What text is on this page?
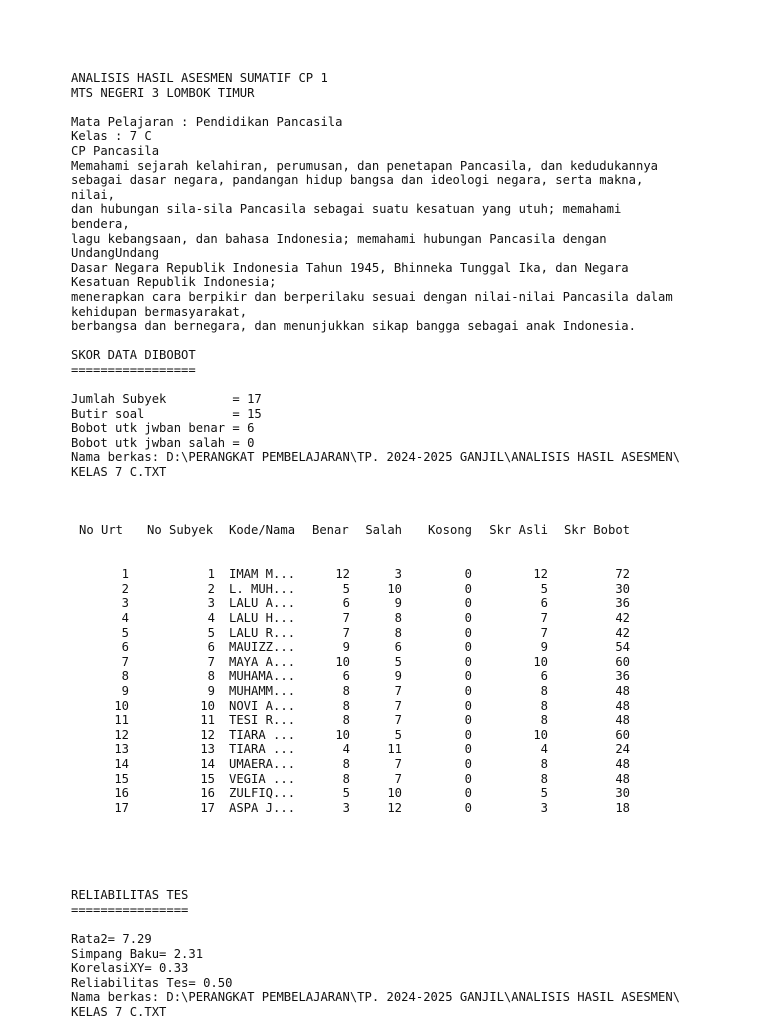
ANALISIS HASIL ASESMEN SUMATIF CP 1
MTS NEGERI 3 LOMBOK TIMUR
Mata Pelajaran : Pendidikan Pancasila
Kelas : 7 C
CP Pancasila
Memahami sejarah kelahiran, perumusan, dan penetapan Pancasila, dan kedudukannya
sebagai dasar negara, pandangan hidup bangsa dan ideologi negara, serta makna,
nilai,
dan hubungan sila-sila Pancasila sebagai suatu kesatuan yang utuh; memahami
bendera,
lagu kebangsaan, dan bahasa Indonesia; memahami hubungan Pancasila dengan
UndangUndang
Dasar Negara Republik Indonesia Tahun 1945, Bhinneka Tunggal Ika, dan Negara
Kesatuan Republik Indonesia;
menerapkan cara berpikir dan berperilaku sesuai dengan nilai-nilai Pancasila dalam
kehidupan bermasyarakat,
berbangsa dan bernegara, dan menunjukkan sikap bangga sebagai anak Indonesia.
SKOR DATA DIBOBOT
=================
Jumlah Subyek         = 17
Butir soal            = 15
Bobot utk jwban benar = 6
Bobot utk jwban salah = 0
Nama berkas: D:\PERANGKAT PEMBELAJARAN\TP. 2024-2025 GANJIL\ANALISIS HASIL ASESMEN\
KELAS 7 C.TXT

No Urt	No Subyek	Kode/Nama	Benar	Salah	Kosong	Skr Asli	Skr Bobot

1	1	IMAM M...	12	3	0	12	72
2	2	L. MUH...	5	10	0	5	30
3	3	LALU A...	6	9	0	6	36
4	4	LALU H...	7	8	0	7	42
5	5	LALU R...	7	8	0	7	42
6	6	MAUIZZ...	9	6	0	9	54
7	7	MAYA A...	10	5	0	10	60
8	8	MUHAMA...	6	9	0	6	36
9	9	MUHAMM...	8	7	0	8	48
10	10	NOVI A...	8	7	0	8	48
11	11	TESI R...	8	7	0	8	48
12	12	TIARA ...	10	5	0	10	60
13	13	TIARA ...	4	11	0	4	24
14	14	UMAERA...	8	7	0	8	48
15	15	VEGIA ...	8	7	0	8	48
16	16	ZULFIQ...	5	10	0	5	30
17	17	ASPA J...	3	12	0	3	18

RELIABILITAS TES
================
Rata2= 7.29
Simpang Baku= 2.31
KorelasiXY= 0.33
Reliabilitas Tes= 0.50
Nama berkas: D:\PERANGKAT PEMBELAJARAN\TP. 2024-2025 GANJIL\ANALISIS HASIL ASESMEN\
KELAS 7 C.TXT
